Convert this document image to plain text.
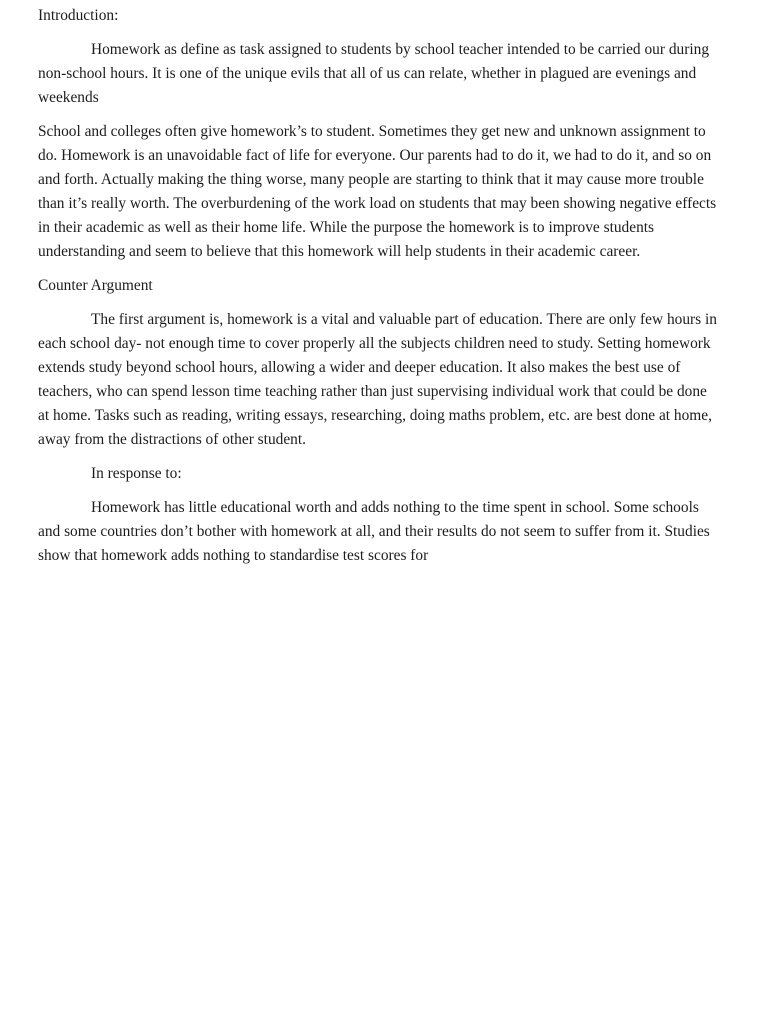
Introduction:

Homework as define as task assigned to students by school teacher intended to be carried our during non-school hours. It is one of the unique evils that all of us can relate, whether in plagued are evenings and weekends

School and colleges often give homework’s to student. Sometimes they get new and unknown assignment to do. Homework is an unavoidable fact of life for everyone. Our parents had to do it, we had to do it, and so on and forth. Actually making the thing worse, many people are starting to think that it may cause more trouble than it’s really worth. The overburdening of the work load on students that may been showing negative effects in their academic as well as their home life. While the purpose the homework is to improve students understanding and seem to believe that this homework will help students in their academic career.

Counter Argument

The first argument is, homework is a vital and valuable part of education. There are only few hours in each school day- not enough time to cover properly all the subjects children need to study. Setting homework extends study beyond school hours, allowing a wider and deeper education. It also makes the best use of teachers, who can spend lesson time teaching rather than just supervising individual work that could be done at home. Tasks such as reading, writing essays, researching, doing maths problem, etc. are best done at home, away from the distractions of other student.

In response to:

Homework has little educational worth and adds nothing to the time spent in school. Some schools and some countries don’t bother with homework at all, and their results do not seem to suffer from it. Studies show that homework adds nothing to standardise test scores for
